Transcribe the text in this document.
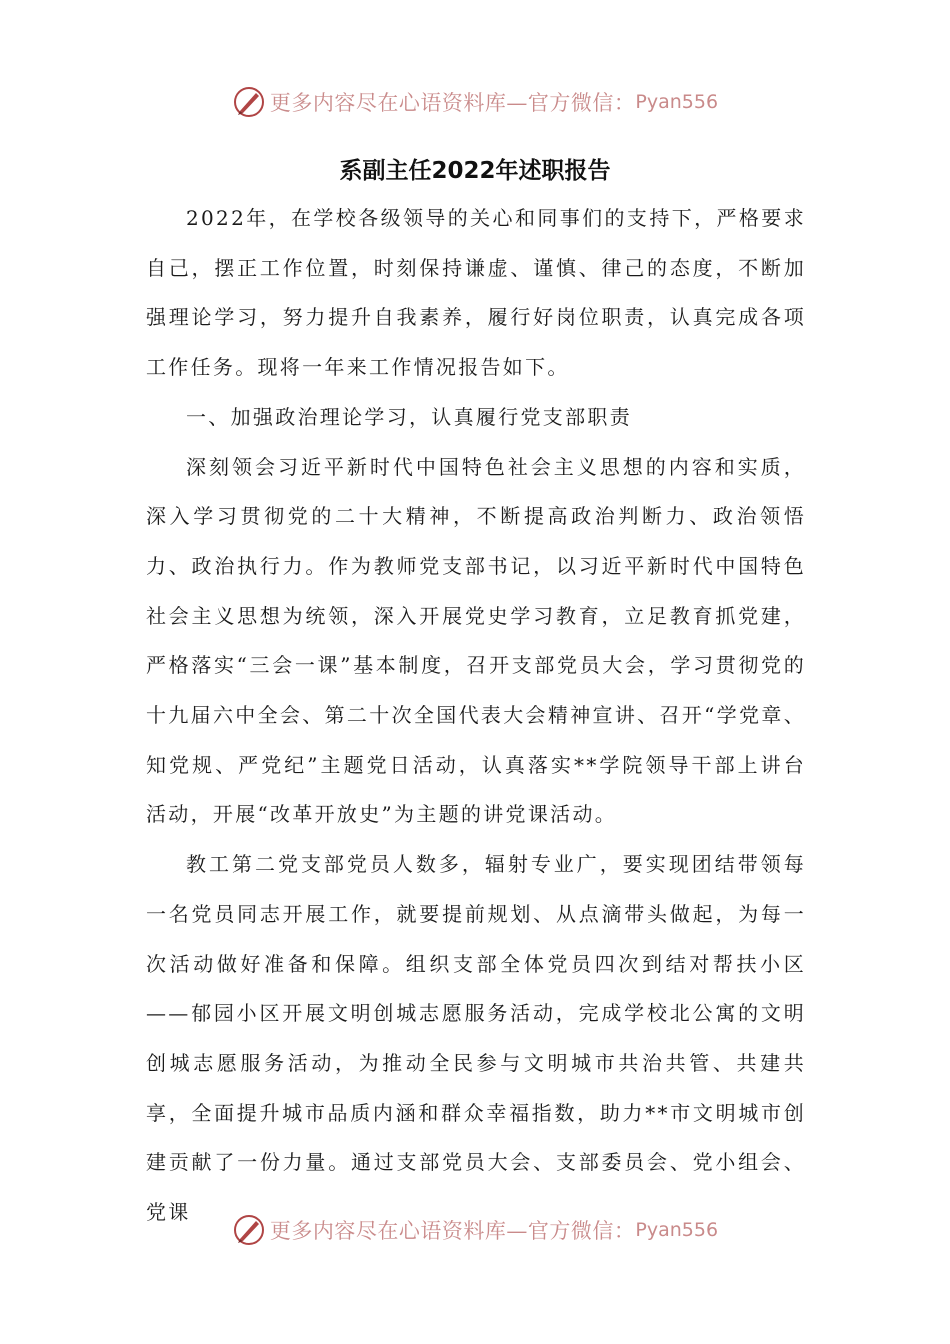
更多内容尽在心语资料库—官方微信： Pyan556
系副主任2022年述职报告

2022年，在学校各级领导的关心和同事们的支持下，严格要求自己，摆正工作位置，时刻保持谦虚、谨慎、律己的态度，不断加强理论学习，努力提升自我素养，履行好岗位职责，认真完成各项工作任务。现将一年来工作情况报告如下。

一、加强政治理论学习，认真履行党支部职责

深刻领会习近平新时代中国特色社会主义思想的内容和实质，深入学习贯彻党的二十大精神，不断提高政治判断力、政治领悟力、政治执行力。作为教师党支部书记，以习近平新时代中国特色社会主义思想为统领，深入开展党史学习教育，立足教育抓党建，严格落实“三会一课”基本制度，召开支部党员大会，学习贯彻党的十九届六中全会、第二十次全国代表大会精神宣讲、召开“学党章、知党规、严党纪”主题党日活动，认真落实**学院领导干部上讲台活动，开展“改革开放史”为主题的讲党课活动。

教工第二党支部党员人数多，辐射专业广，要实现团结带领每一名党员同志开展工作，就要提前规划、从点滴带头做起，为每一次活动做好准备和保障。组织支部全体党员四次到结对帮扶小区——郁园小区开展文明创城志愿服务活动，完成学校北公寓的文明创城志愿服务活动，为推动全民参与文明城市共治共管、共建共享，全面提升城市品质内涵和群众幸福指数，助力**市文明城市创建贡献了一份力量。通过支部党员大会、支部委员会、党小组会、党课

更多内容尽在心语资料库—官方微信： Pyan556
